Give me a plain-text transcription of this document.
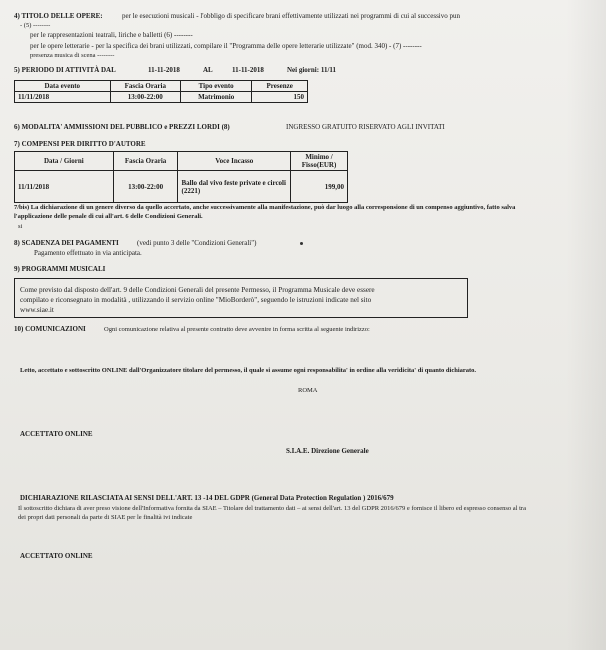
4) TITOLO DELLE OPERE:	per le esecuzioni musicali - l'obbligo di specificare brani effettivamente utilizzati nei programmi di cui al successivo pun
- (5) --------
per le rappresentazioni teatrali, liriche e balletti (6) --------
per le opere letterarie - per la specifica dei brani utilizzati, compilare il "Programma delle opere letterarie utilizzate" (mod. 340) - (7) --------
presenza musica di scena --------
5) PERIODO DI ATTIVITÀ DAL	11-11-2018	AL	11-11-2018	Nei giorni: 11/11
Data evento	Fascia Oraria	Tipo evento	Presenze
11/11/2018	13:00-22:00	Matrimonio	150
6) MODALITA' AMMISSIONI DEL PUBBLICO e PREZZI LORDI (8)	INGRESSO GRATUITO RISERVATO AGLI INVITATI
7) COMPENSI PER DIRITTO D'AUTORE
Data / Giorni	Fascia Oraria	Voce Incasso	Minimo / Fisso(EUR)
11/11/2018	13:00-22:00	Ballo dal vivo feste private e circoli (2221)	199,00
7/bis) La dichiarazione di un genere diverso da quello accertato, anche successivamente alla manifestazione, può dar luogo alla corresponsione di un compenso aggiuntivo, fatto salva
l'applicazione delle penale di cui all'art. 6 delle Condizioni Generali.
si
8) SCADENZA DEI PAGAMENTI	(vedi punto 3 delle "Condizioni Generali")
Pagamento effettuato in via anticipata.
9) PROGRAMMI MUSICALI
Come previsto dal disposto dell'art. 9 delle Condizioni Generali del presente Permesso, il Programma Musicale deve essere
compilato e riconsegnato in modalità , utilizzando il servizio online "MioBorderò", seguendo le istruzioni indicate nel sito
www.siae.it
10) COMUNICAZIONI	Ogni comunicazione relativa al presente contratto deve avvenire in forma scritta al seguente indirizzo:
Letto, accettato e sottoscritto ONLINE dall'Organizzatore titolare del permesso, il quale si assume ogni responsabilita' in ordine alla veridicita' di quanto dichiarato.
ROMA
ACCETTATO ONLINE
S.I.A.E. Direzione Generale
DICHIARAZIONE RILASCIATA AI SENSI DELL'ART. 13 -14 DEL GDPR (General Data Protection Regulation ) 2016/679
Il sottoscritto dichiara di aver preso visione dell'Informativa fornita da SIAE – Titolare del trattamento dati – ai sensi dell'art. 13 del GDPR 2016/679 e fornisce il libero ed espresso consenso al tra
dei propri dati personali da parte di SIAE per le finalità ivi indicate
ACCETTATO ONLINE
